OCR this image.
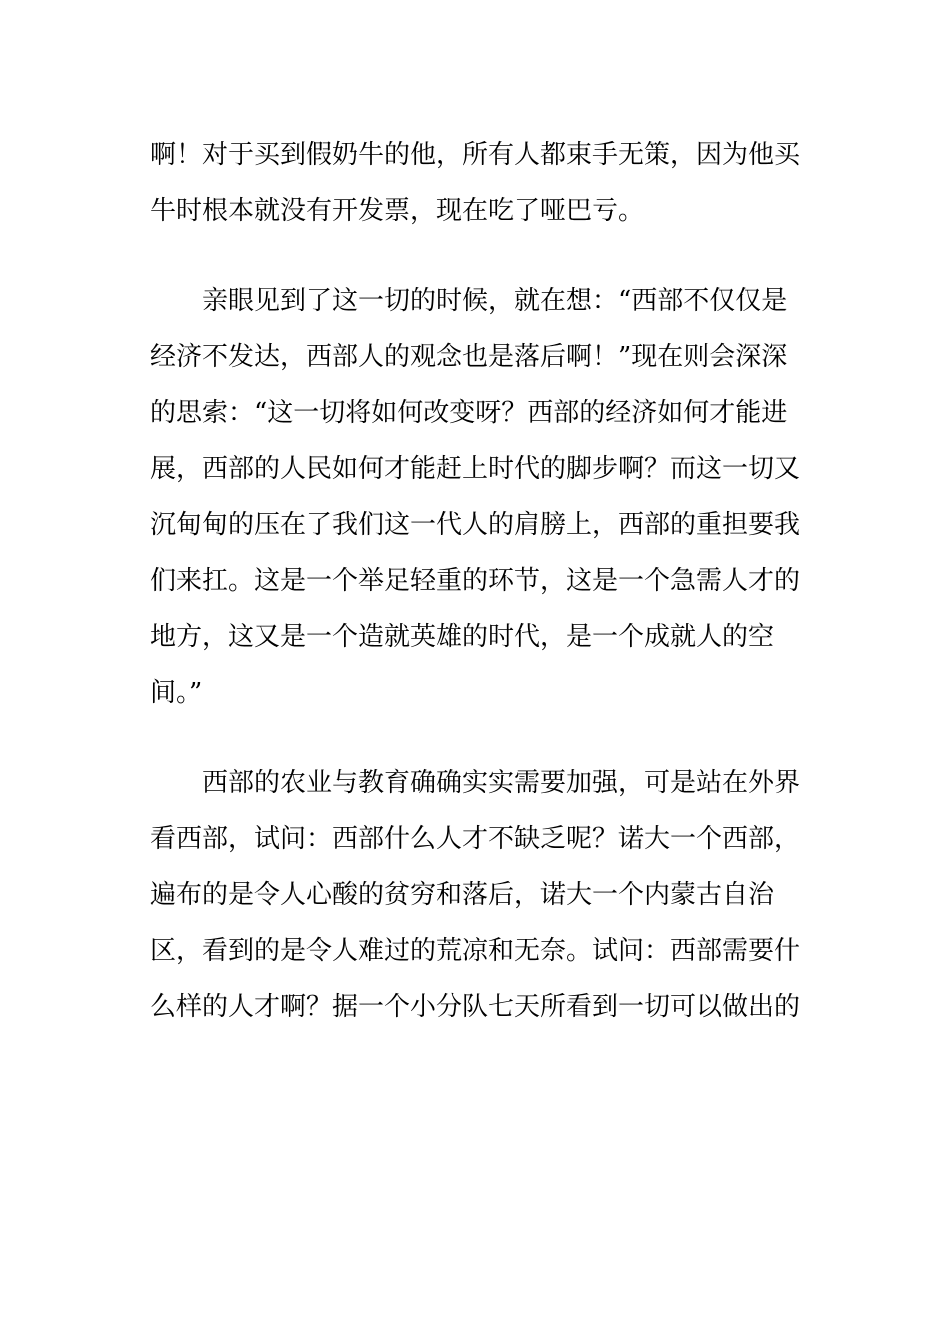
啊！对于买到假奶牛的他，所有人都束手无策，因为他买
牛时根本就没有开发票，现在吃了哑巴亏。
亲眼见到了这一切的时候，就在想：“西部不仅仅是
经济不发达，西部人的观念也是落后啊！”现在则会深深
的思索：“这一切将如何改变呀？西部的经济如何才能进
展，西部的人民如何才能赶上时代的脚步啊？而这一切又
沉甸甸的压在了我们这一代人的肩膀上，西部的重担要我
们来扛。这是一个举足轻重的环节，这是一个急需人才的
地方，这又是一个造就英雄的时代，是一个成就人的空
间。”
西部的农业与教育确确实实需要加强，可是站在外界
看西部，试问：西部什么人才不缺乏呢？诺大一个西部，
遍布的是令人心酸的贫穷和落后，诺大一个内蒙古自治
区，看到的是令人难过的荒凉和无奈。试问：西部需要什
么样的人才啊？据一个小分队七天所看到一切可以做出的
